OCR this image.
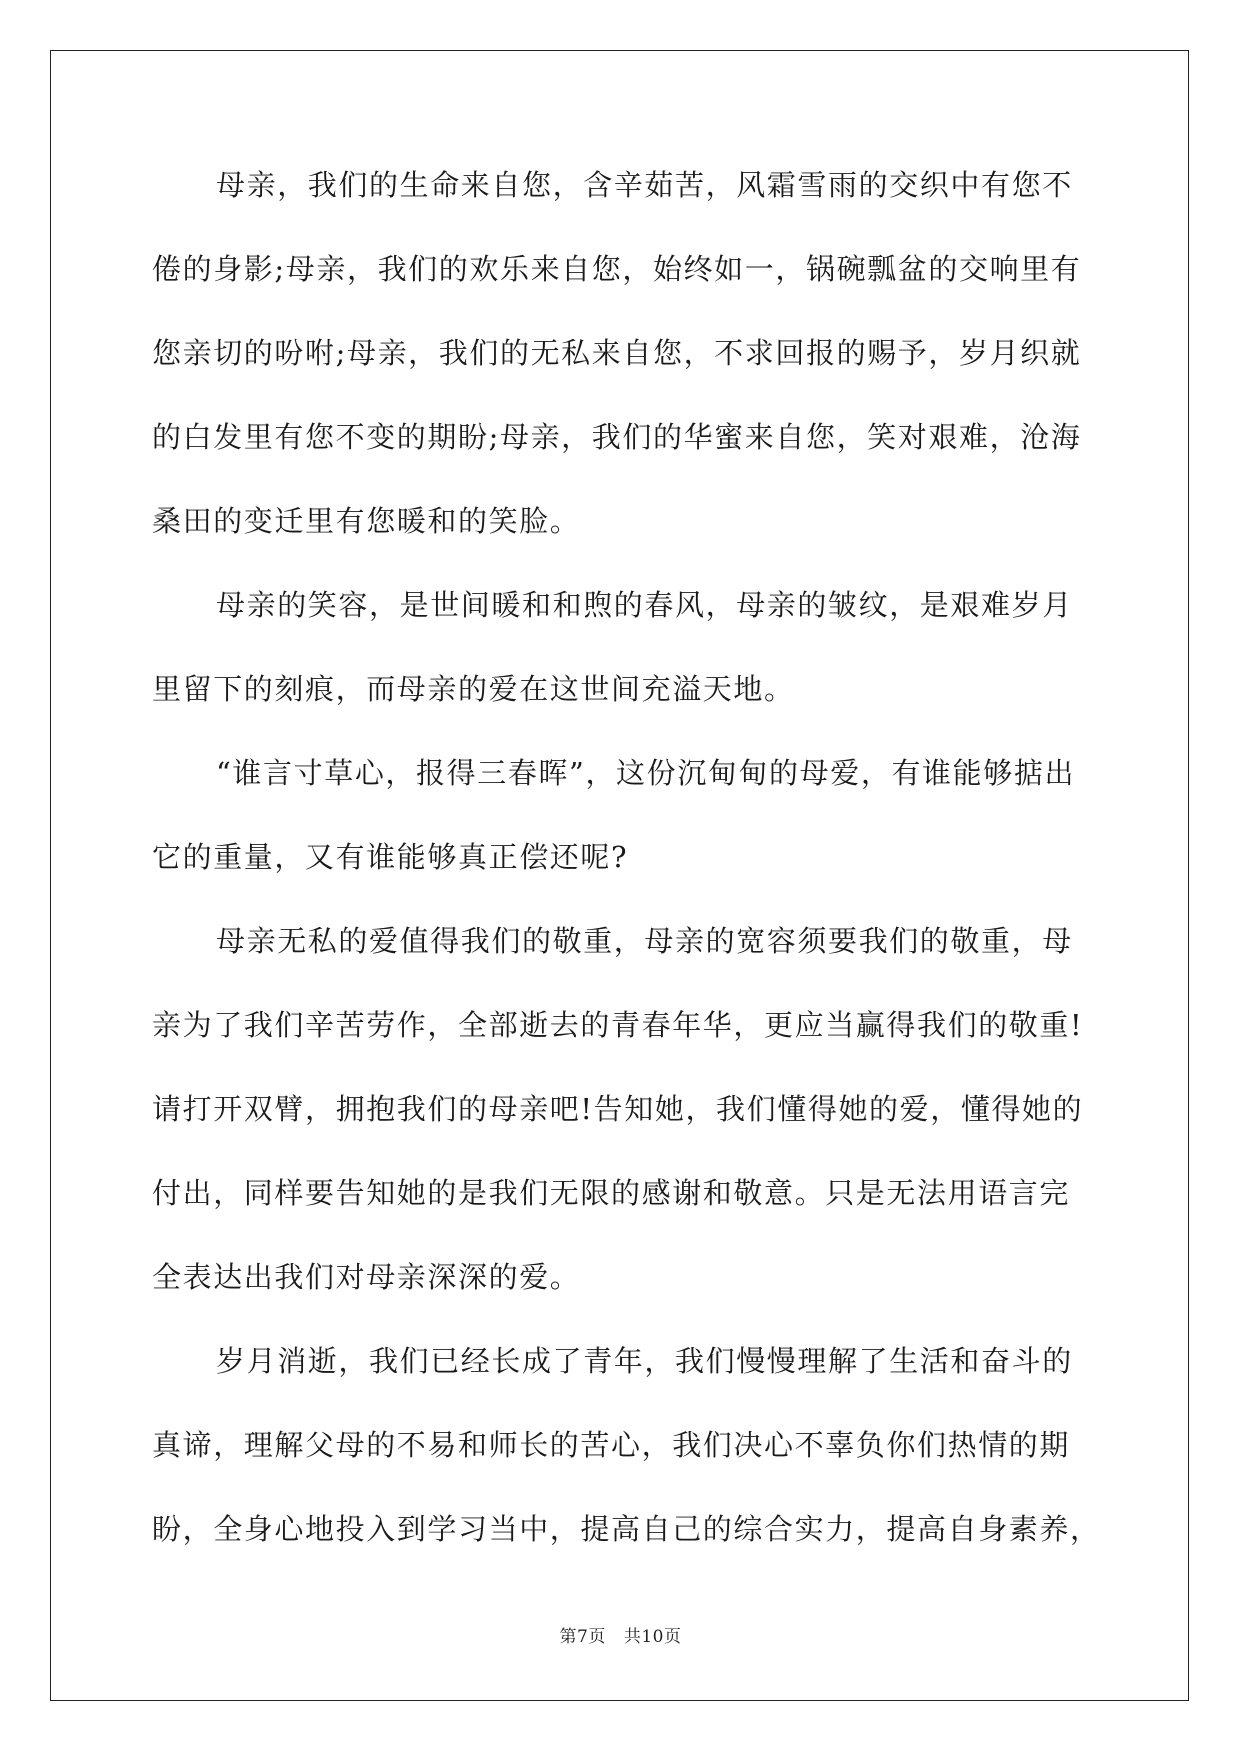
母亲，我们的生命来自您，含辛茹苦，风霜雪雨的交织中有您不
倦的身影;母亲，我们的欢乐来自您，始终如一，锅碗瓢盆的交响里有
您亲切的吩咐;母亲，我们的无私来自您，不求回报的赐予，岁月织就
的白发里有您不变的期盼;母亲，我们的华蜜来自您，笑对艰难，沧海
桑田的变迁里有您暖和的笑脸。
母亲的笑容，是世间暖和和煦的春风，母亲的皱纹，是艰难岁月
里留下的刻痕，而母亲的爱在这世间充溢天地。
“谁言寸草心，报得三春晖”，这份沉甸甸的母爱，有谁能够掂出
它的重量，又有谁能够真正偿还呢?
母亲无私的爱值得我们的敬重，母亲的宽容须要我们的敬重，母
亲为了我们辛苦劳作，全部逝去的青春年华，更应当赢得我们的敬重!
请打开双臂，拥抱我们的母亲吧!告知她，我们懂得她的爱，懂得她的
付出，同样要告知她的是我们无限的感谢和敬意。只是无法用语言完
全表达出我们对母亲深深的爱。
岁月消逝，我们已经长成了青年，我们慢慢理解了生活和奋斗的
真谛，理解父母的不易和师长的苦心，我们决心不辜负你们热情的期
盼，全身心地投入到学习当中，提高自己的综合实力，提高自身素养，
第7页 共10页
